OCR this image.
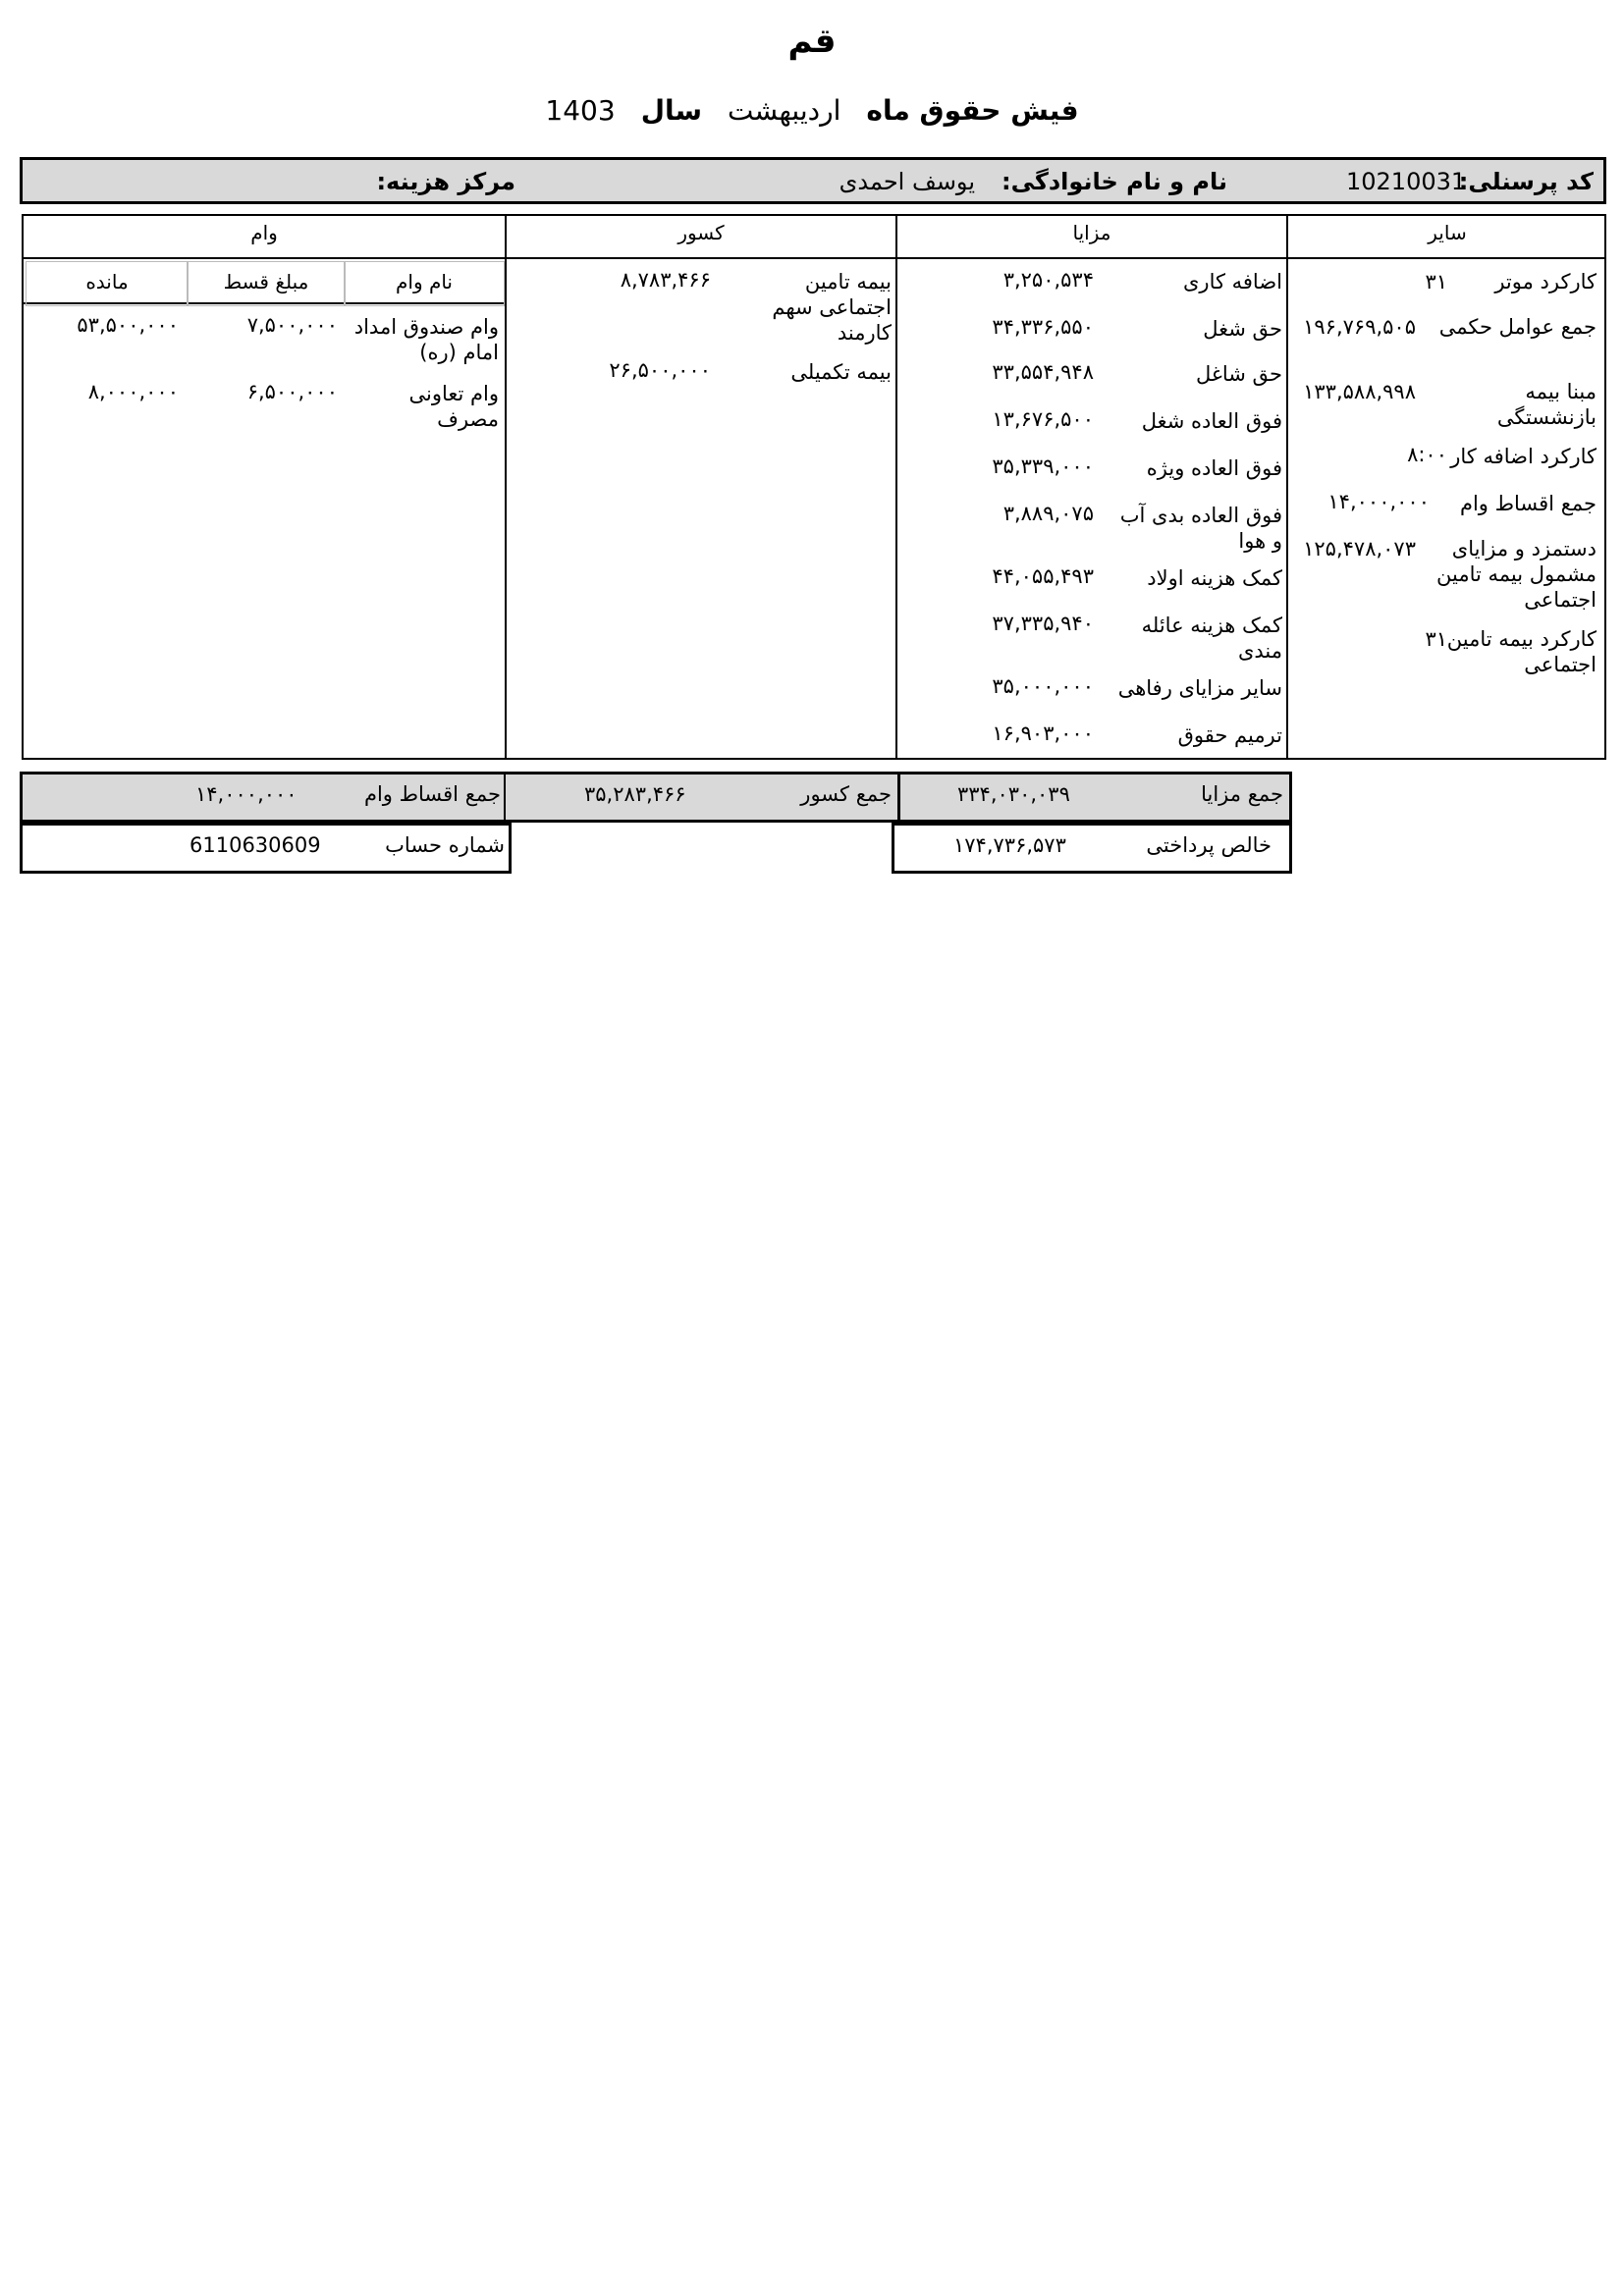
قم
فیش حقوق ماهاردیبهشتسال1403
کد پرسنلی:
10210031
نام و نام خانوادگی:
یوسف احمدی
مرکز هزینه:
سایر
مزایا
کسور
وام
کارکرد موتر
۳۱
جمع عوامل حکمی
۱۹۶,۷۶۹,۵۰۵
مبنا بیمه بازنشستگی
۱۳۳,۵۸۸,۹۹۸
کارکرد اضافه کار
۸:۰۰
جمع اقساط وام
۱۴,۰۰۰,۰۰۰
دستمزد و مزایای مشمول بیمه تامین اجتماعی
۱۲۵,۴۷۸,۰۷۳
کارکرد بیمه تامین اجتماعی
۳۱
اضافه کاری
۳,۲۵۰,۵۳۴
حق شغل
۳۴,۳۳۶,۵۵۰
حق شاغل
۳۳,۵۵۴,۹۴۸
فوق العاده شغل
۱۳,۶۷۶,۵۰۰
فوق العاده ویژه
۳۵,۳۳۹,۰۰۰
فوق العاده بدی آب و هوا
۳,۸۸۹,۰۷۵
کمک هزینه اولاد
۴۴,۰۵۵,۴۹۳
کمک هزینه عائله مندی
۳۷,۳۳۵,۹۴۰
سایر مزایای رفاهی
۳۵,۰۰۰,۰۰۰
ترمیم حقوق
۱۶,۹۰۳,۰۰۰
بیمه تامین اجتماعی سهم کارمند
۸,۷۸۳,۴۶۶
بیمه تکمیلی
۲۶,۵۰۰,۰۰۰
نام وام
مبلغ قسط
مانده
وام صندوق امداد امام (ره)
۷,۵۰۰,۰۰۰
۵۳,۵۰۰,۰۰۰
وام تعاونی مصرف
۶,۵۰۰,۰۰۰
۸,۰۰۰,۰۰۰
جمع مزایا
۳۳۴,۰۳۰,۰۳۹
جمع کسور
۳۵,۲۸۳,۴۶۶
جمع اقساط وام
۱۴,۰۰۰,۰۰۰
خالص پرداختی
۱۷۴,۷۳۶,۵۷۳
شماره حساب
6110630609
